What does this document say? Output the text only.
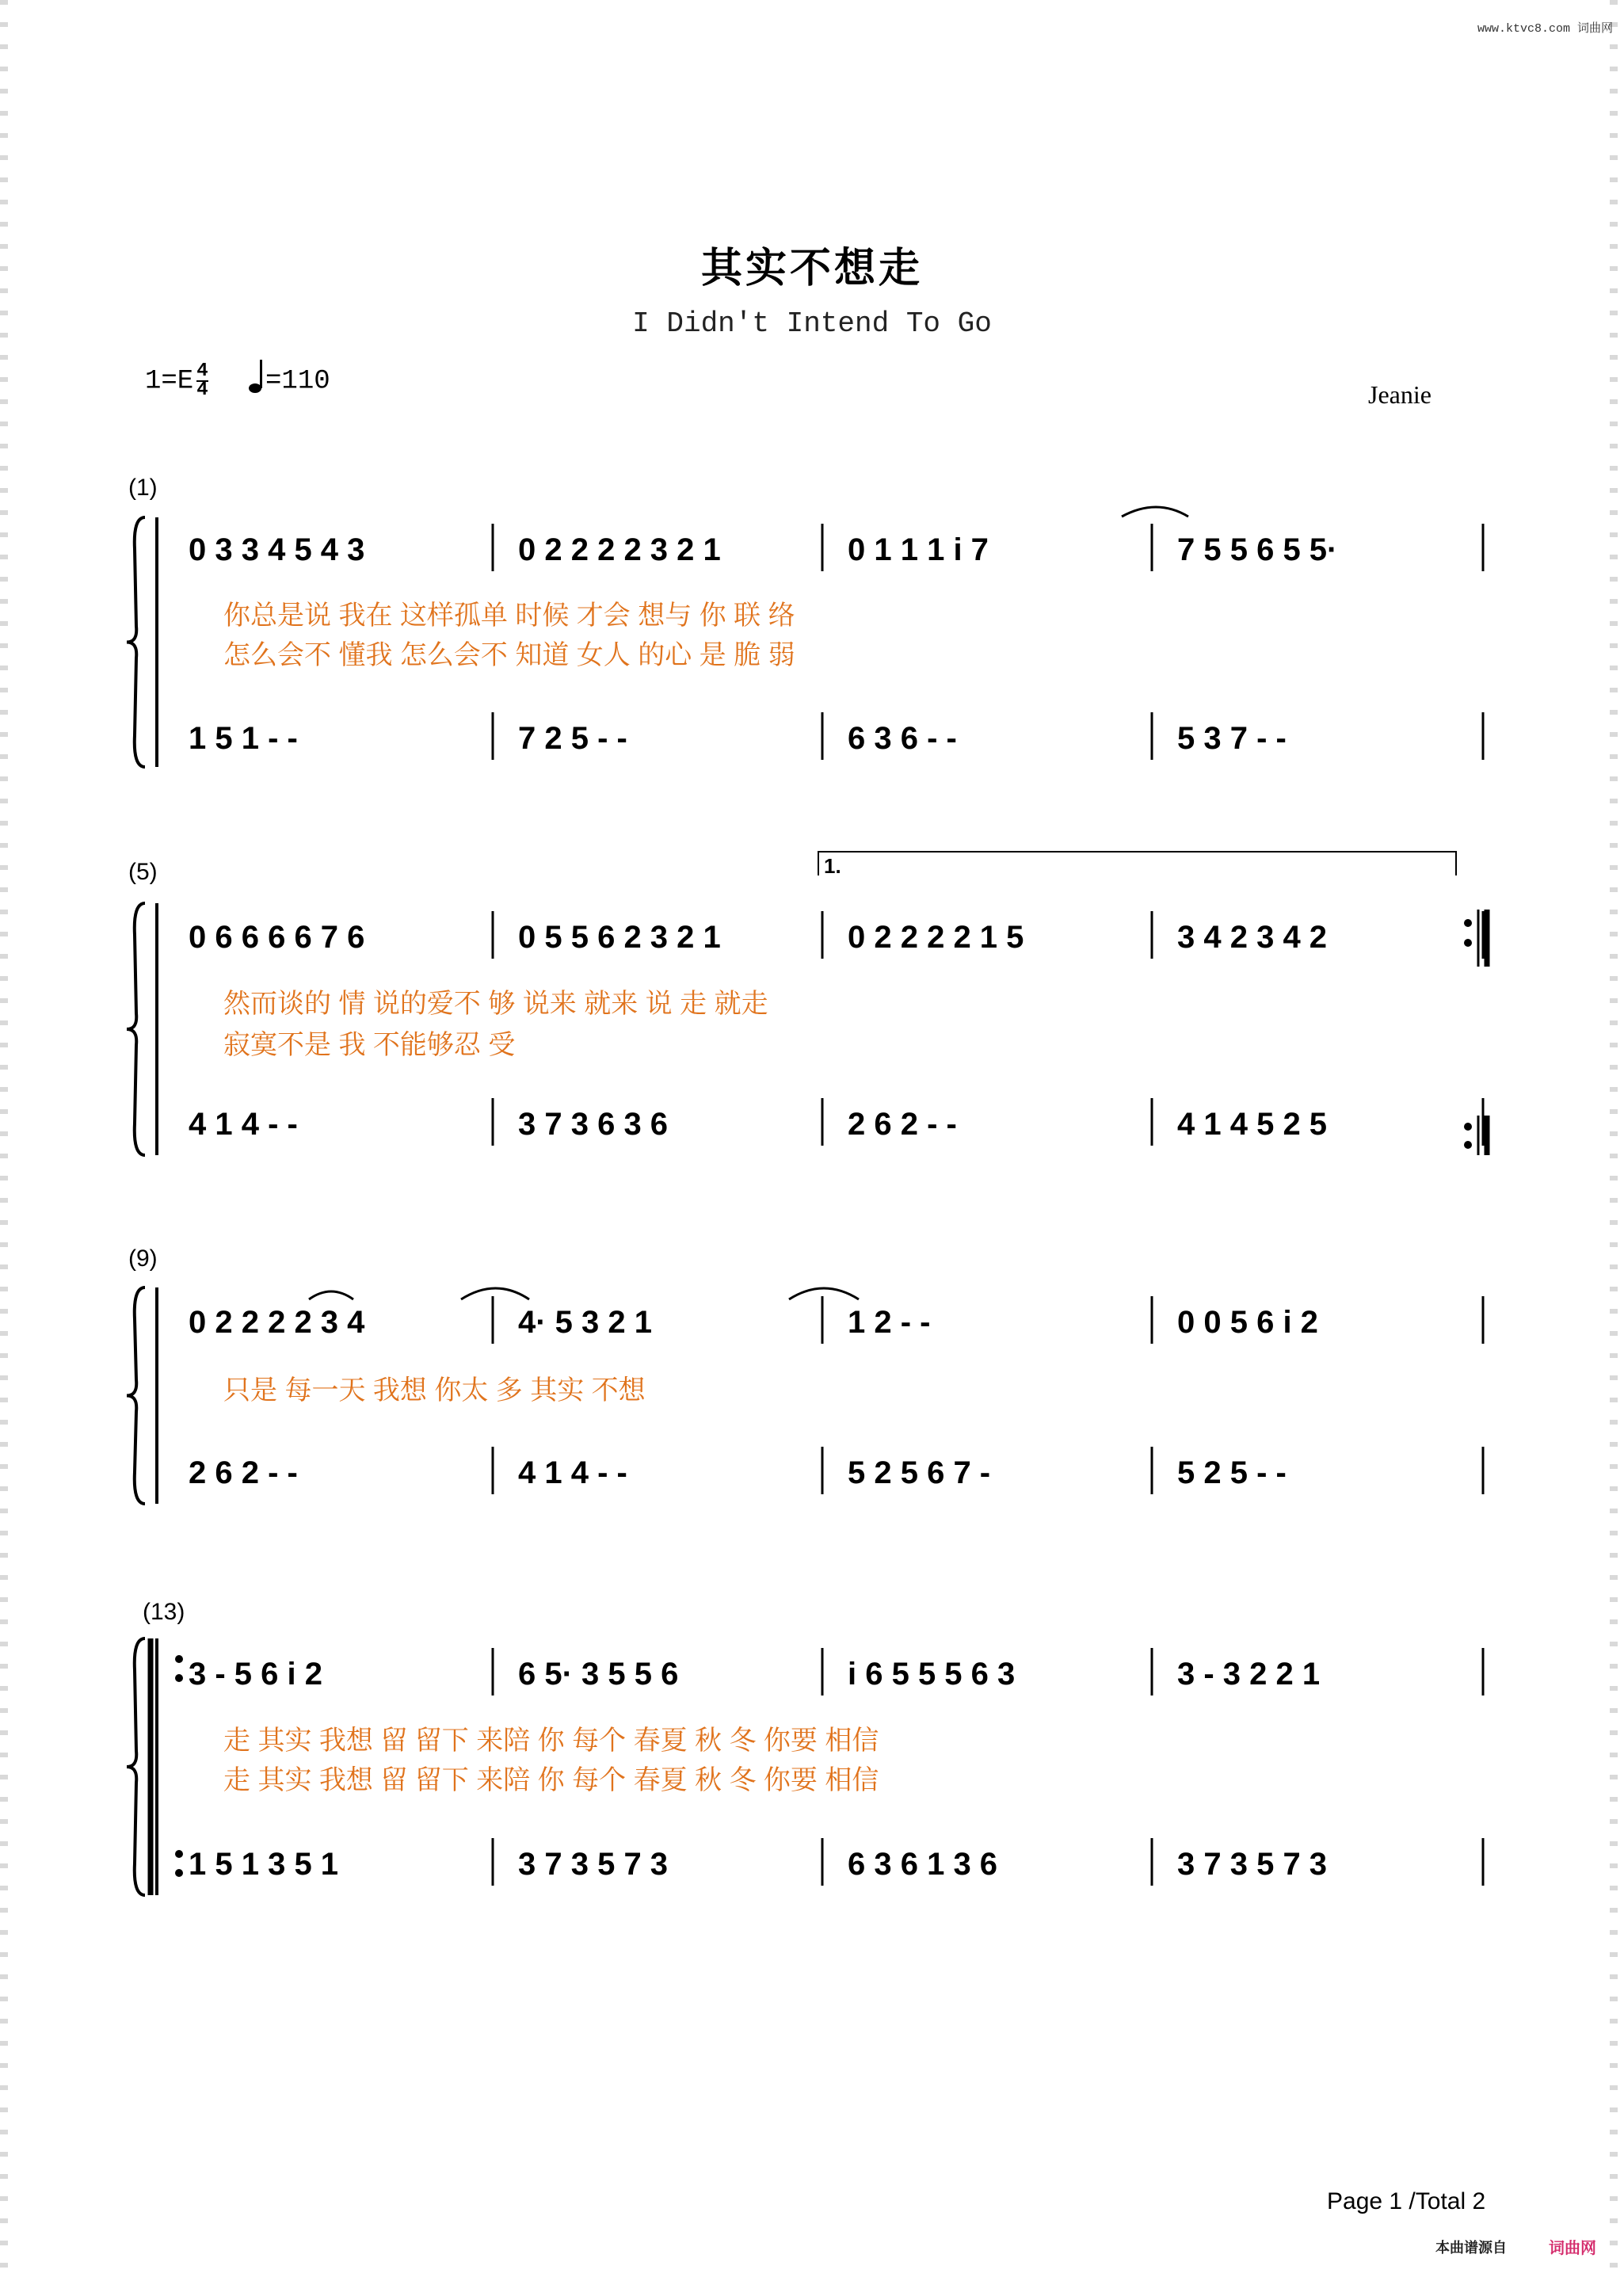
www.ktvc8.com 词曲网
其实不想走
I Didn't Intend To Go
$1=E \frac{4}{4} =110$	Jeanie
(1)
0 3 3 4 5 4 3	0 2 2 2 2 3 2 1	0 1 1 1 i 7	7 5 5 6 5 5·
1 5 1 - -	7 2 5 - -	6 3 6 - -	5 3 7 - -
你总是说 我在 这样孤单 时候 才会 想与 你 联 络
怎么会不 懂我 怎么会不 知道 女人 的心 是 脆 弱
(5)
0 6 6 6 6 7 6	0 5 5 6 2 3 2 1	0 2 2 2 2 1 5	3 4 2 3 4 2
4 1 4 - -	3 7 3 6 3 6	2 6 2 - -	4 1 4 5 2 5
然而谈的 情 说的爱不 够 说来 就来 说 走 就走
寂寞不是 我 不能够忍 受
(9)
0 2 2 2 2 3 4	4· 5 3 2 1	1 2 - -	0 0 5 6 i 2
2 6 2 - -	4 1 4 - -	5 2 5 6 7 -	5 2 5 - -
只是 每一天 我想 你太 多 其实 不想
(13)
3 - 5 6 i 2	6 5· 3 5 5 6	i 6 5 5 5 6 3	3 - 3 2 2 1
1 5 1 3 5 1	3 7 3 5 7 3	6 3 6 1 3 6	3 7 3 5 7 3
走 其实 我想 留 留下 来陪 你 每个 春夏 秋 冬 你要 相信
走 其实 我想 留 留下 来陪 你 每个 春夏 秋 冬 你要 相信
1.
Page 1 /Total 2
本曲谱源自	词曲网
